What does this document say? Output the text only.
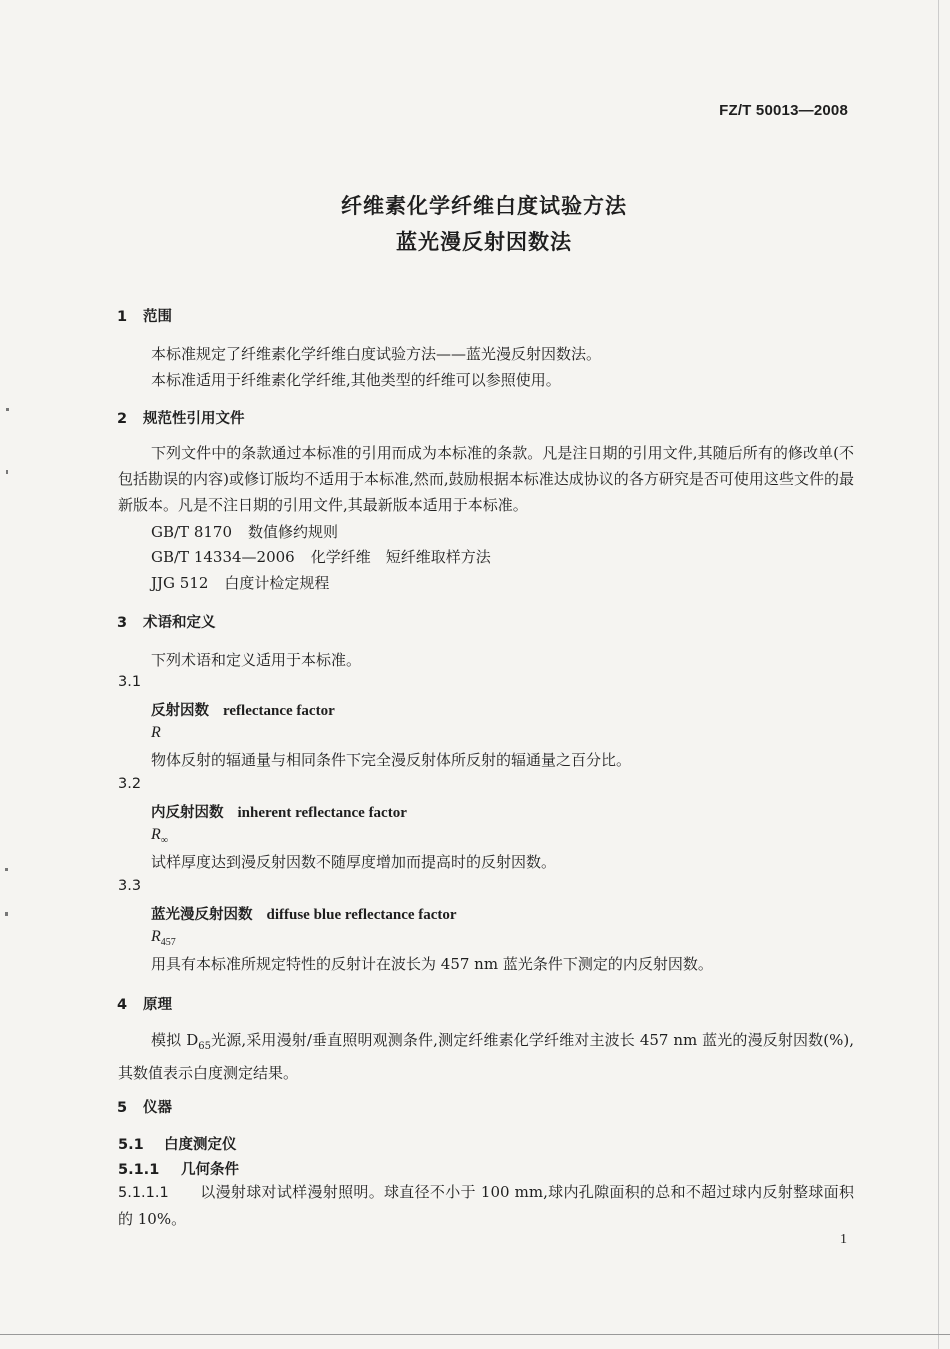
FZ/T 50013—2008
纤维素化学纤维白度试验方法
蓝光漫反射因数法
1 范围
本标准规定了纤维素化学纤维白度试验方法——蓝光漫反射因数法。
本标准适用于纤维素化学纤维,其他类型的纤维可以参照使用。
2 规范性引用文件
下列文件中的条款通过本标准的引用而成为本标准的条款。凡是注日期的引用文件,其随后所有的修改单(不包括勘误的内容)或修订版均不适用于本标准,然而,鼓励根据本标准达成协议的各方研究是否可使用这些文件的最新版本。凡是不注日期的引用文件,其最新版本适用于本标准。
GB/T 8170 数值修约规则
GB/T 14334—2006 化学纤维　短纤维取样方法
JJG 512 白度计检定规程
3 术语和定义
下列术语和定义适用于本标准。
3.1
反射因数 reflectance factor
R
物体反射的辐通量与相同条件下完全漫反射体所反射的辐通量之百分比。
3.2
内反射因数 inherent reflectance factor
$R_\infty$
试样厚度达到漫反射因数不随厚度增加而提高时的反射因数。
3.3
蓝光漫反射因数 diffuse blue reflectance factor
$R_{457}$
用具有本标准所规定特性的反射计在波长为 457 nm 蓝光条件下测定的内反射因数。
4 原理
模拟 $D_{65}$光源,采用漫射/垂直照明观测条件,测定纤维素化学纤维对主波长 457 nm 蓝光的漫反射因数(%),其数值表示白度测定结果。
5 仪器
5.1 白度测定仪
5.1.1 几何条件
5.1.1.1 以漫射球对试样漫射照明。球直径不小于 100 mm,球内孔隙面积的总和不超过球内反射整球面积的 10%。
1
